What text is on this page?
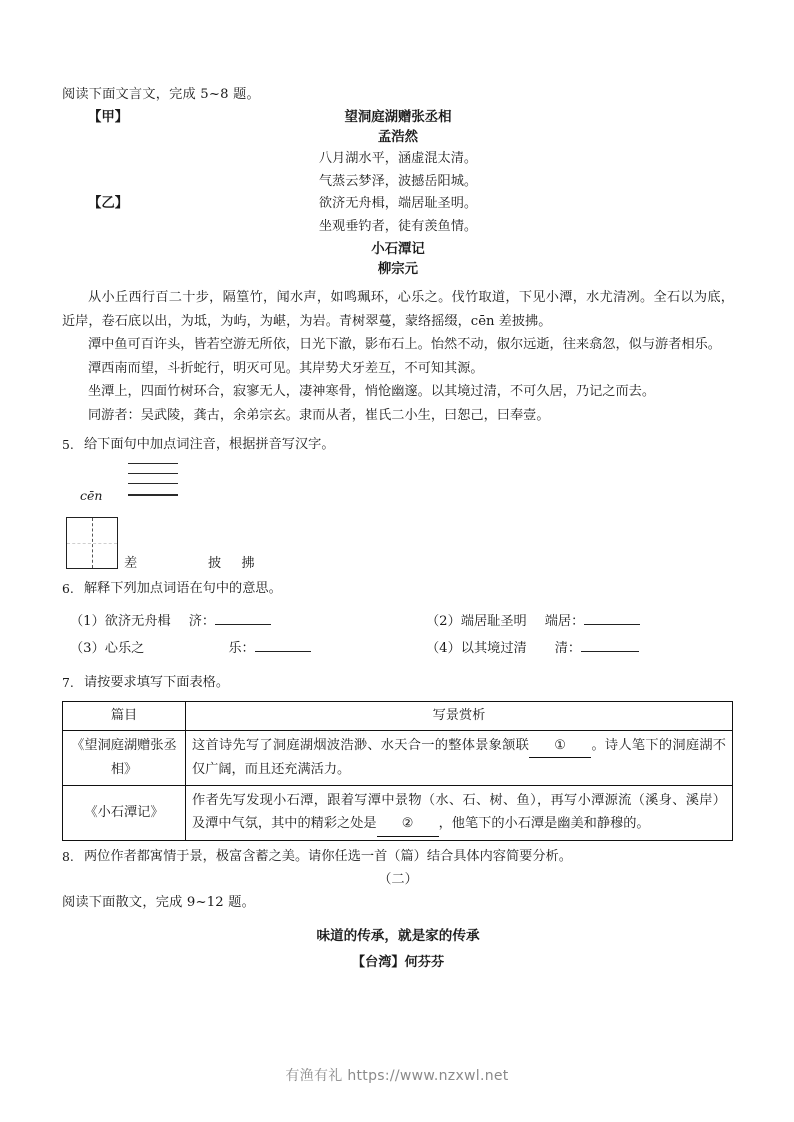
阅读下面文言文，完成 5~8 题。
【甲】	望洞庭湖赠张丞相
孟浩然
八月湖水平，涵虚混太清。
气蒸云梦泽，波撼岳阳城。
欲济无舟楫，端居耻圣明。
坐观垂钓者，徒有羡鱼情。
【乙】
小石潭记
柳宗元

从小丘西行百二十步，隔篁竹，闻水声，如鸣珮环，心乐之。伐竹取道，下见小潭，水尤清冽。全石以为底，近岸，卷石底以出，为坻，为屿，为嵁，为岩。青树翠蔓，蒙络摇缀，cēn 差披拂。

潭中鱼可百许头，皆若空游无所依，日光下澈，影布石上。怡然不动，俶尔远逝，往来翕忽，似与游者相乐。

潭西南而望，斗折蛇行，明灭可见。其岸势犬牙差互，不可知其源。

坐潭上，四面竹树环合，寂寥无人，凄神寒骨，悄怆幽邃。以其境过清，不可久居，乃记之而去。

同游者：吴武陵，龚古，余弟宗玄。隶而从者，崔氏二小生，曰恕己，曰奉壹。

5. 给下面句中加点词注音，根据拼音写汉字。
cēn
差	披 拂
6. 解释下列加点词语在句中的意思。
（1）欲济无舟楫 济：	（2）端居耻圣明 端居：
（3）心乐之	乐：	（4）以其境过清 清：
7. 请按要求填写下面表格。
篇目	写景赏析
《望洞庭湖赠张丞相》	这首诗先写了洞庭湖烟波浩渺、水天合一的整体景象颔联 ① 。诗人笔下的洞庭湖不仅广阔，而且还充满活力。
《小石潭记》	作者先写发现小石潭，跟着写潭中景物（水、石、树、鱼），再写小潭源流（溪身、溪岸）及潭中气氛，其中的精彩之处是 ② ，他笔下的小石潭是幽美和静穆的。
8. 两位作者都寓情于景，极富含蓄之美。请你任选一首（篇）结合具体内容简要分析。
（二）
阅读下面散文，完成 9~12 题。
味道的传承，就是家的传承
【台湾】何芬芬
有渔有礼 https://www.nzxwl.net
